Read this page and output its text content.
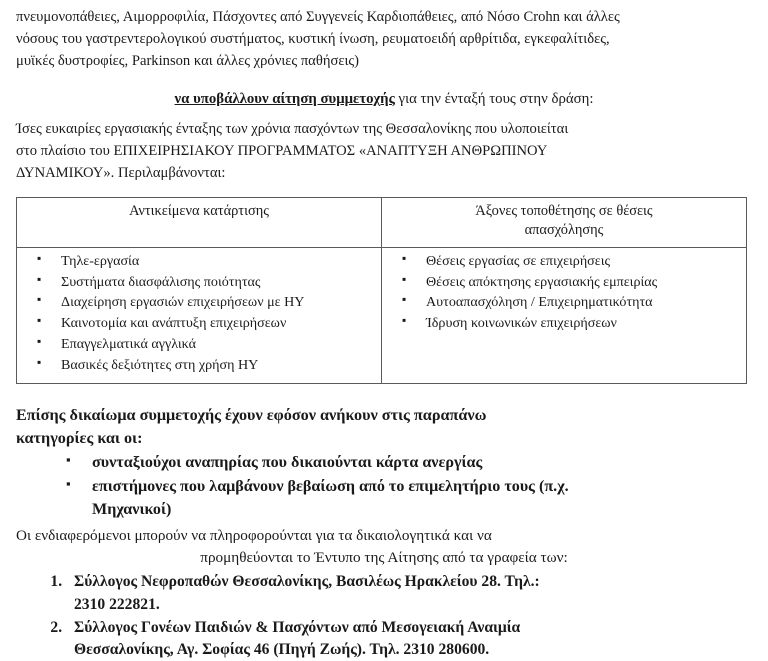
πνευμονοπάθειες, Αιμορροφιλία, Πάσχοντες από Συγγενείς Καρδιοπάθειες, από Νόσο Crohn και άλλες
νόσους του γαστρεντερολογικού συστήματος, κυστική ίνωση, ρευματοειδή αρθρίτιδα, εγκεφαλίτιδες,
μυϊκές δυστροφίες, Parkinson και άλλες χρόνιες παθήσεις)
να υποβάλλουν αίτηση συμμετοχής για την ένταξή τους στην δράση:
Ίσες ευκαιρίες εργασιακής ένταξης των χρόνια πασχόντων της Θεσσαλονίκης που υλοποιείται
στο πλαίσιο του ΕΠΙΧΕΙΡΗΣΙΑΚΟΥ ΠΡΟΓΡΑΜΜΑΤΟΣ «ΑΝΑΠΤΥΞΗ ΑΝΘΡΩΠΙΝΟΥ
ΔΥΝΑΜΙΚΟΥ». Περιλαμβάνονται:
Αντικείμενα κατάρτισης	Άξονες τοποθέτησης σε θέσεις
απασχόλησης

▪ Τηλε-εργασία
▪ Συστήματα διασφάλισης ποιότητας
▪ Διαχείρηση εργασιών επιχειρήσεων με ΗΥ
▪ Καινοτομία και ανάπτυξη επιχειρήσεων
▪ Επαγγελματικά αγγλικά
▪ Βασικές δεξιότητες στη χρήση ΗΥ

▪ Θέσεις εργασίας σε επιχειρήσεις
▪ Θέσεις απόκτησης εργασιακής εμπειρίας
▪ Αυτοαπασχόληση / Επιχειρηματικότητα
▪ Ίδρυση κοινωνικών επιχειρήσεων
Επίσης δικαίωμα συμμετοχής έχουν εφόσον ανήκουν στις παραπάνω
κατηγορίες και οι:
▪ συνταξιούχοι αναπηρίας που δικαιούνται κάρτα ανεργίας
▪ επιστήμονες που λαμβάνουν βεβαίωση από το επιμελητήριο τους (π.χ.
Μηχανικοί)
Οι ενδιαφερόμενοι μπορούν να πληροφορούνται για τα δικαιολογητικά και να
προμηθεύονται το Έντυπο της Αίτησης από τα γραφεία των:
1. Σύλλογος Νεφροπαθών Θεσσαλονίκης, Βασιλέως Ηρακλείου 28. Τηλ.:
2310 222821.
2. Σύλλογος Γονέων Παιδιών & Πασχόντων από Μεσογειακή Αναιμία
Θεσσαλονίκης, Αγ. Σοφίας 46 (Πηγή Ζωής). Τηλ. 2310 280600.
